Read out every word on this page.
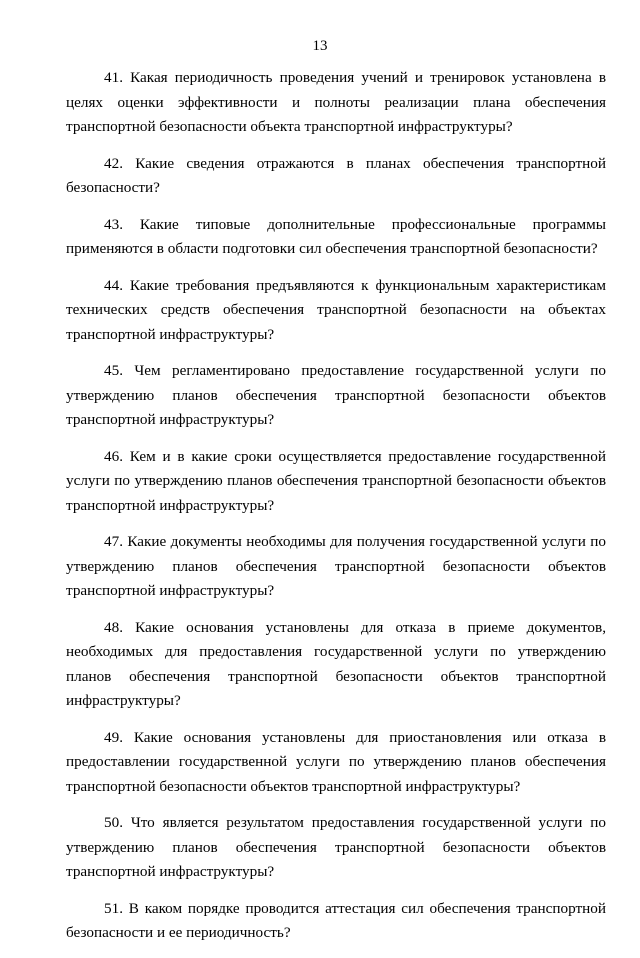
13

41. Какая периодичность проведения учений и тренировок установлена в целях оценки эффективности и полноты реализации плана обеспечения транспортной безопасности объекта транспортной инфраструктуры?

42. Какие сведения отражаются в планах обеспечения транспортной безопасности?

43. Какие типовые дополнительные профессиональные программы применяются в области подготовки сил обеспечения транспортной безопасности?

44. Какие требования предъявляются к функциональным характеристикам технических средств обеспечения транспортной безопасности на объектах транспортной инфраструктуры?

45. Чем регламентировано предоставление государственной услуги по утверждению планов обеспечения транспортной безопасности объектов транспортной инфраструктуры?

46. Кем и в какие сроки осуществляется предоставление государственной услуги по утверждению планов обеспечения транспортной безопасности объектов транспортной инфраструктуры?

47. Какие документы необходимы для получения государственной услуги по утверждению планов обеспечения транспортной безопасности объектов транспортной инфраструктуры?

48. Какие основания установлены для отказа в приеме документов, необходимых для предоставления государственной услуги по утверждению планов обеспечения транспортной безопасности объектов транспортной инфраструктуры?

49. Какие основания установлены для приостановления или отказа в предоставлении государственной услуги по утверждению планов обеспечения транспортной безопасности объектов транспортной инфраструктуры?

50. Что является результатом предоставления государственной услуги по утверждению планов обеспечения транспортной безопасности объектов транспортной инфраструктуры?

51. В каком порядке проводится аттестация сил обеспечения транспортной безопасности и ее периодичность?
